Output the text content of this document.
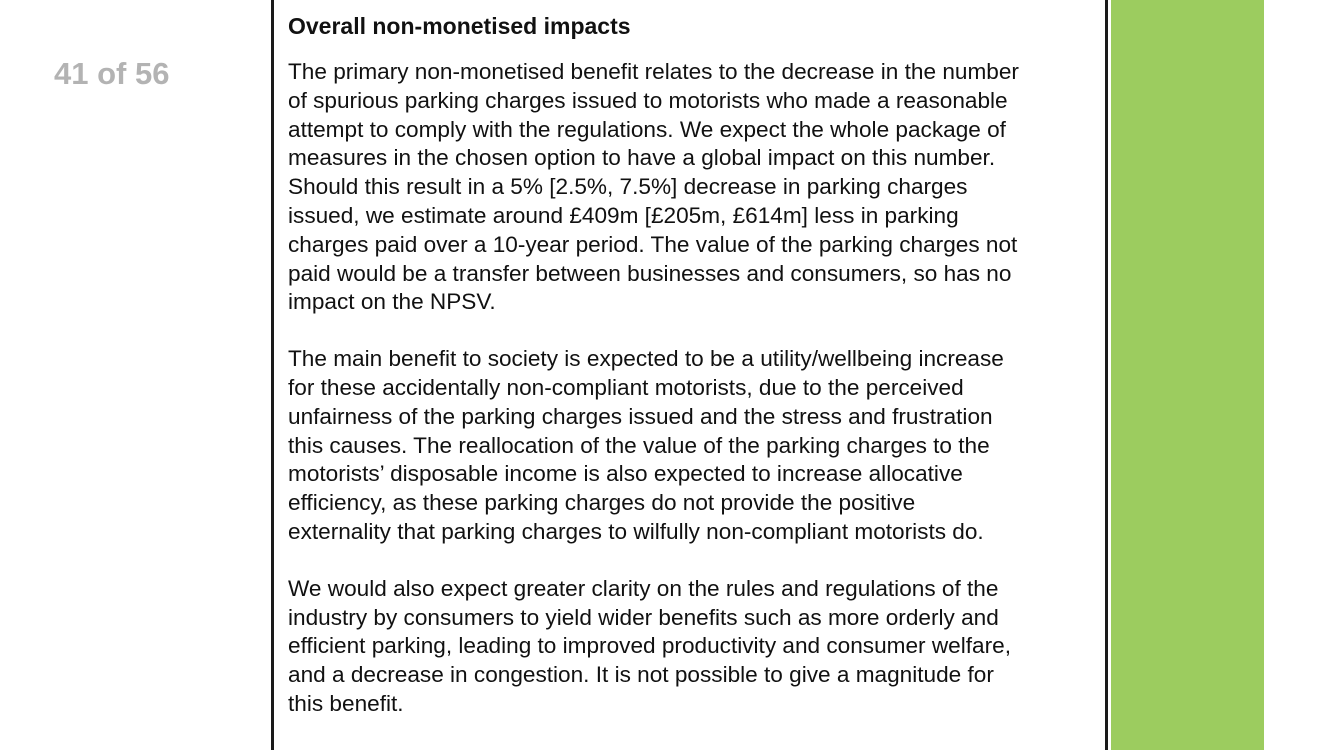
41 of 56
Overall non-monetised impacts
The primary non-monetised benefit relates to the decrease in the number
of spurious parking charges issued to motorists who made a reasonable
attempt to comply with the regulations. We expect the whole package of
measures in the chosen option to have a global impact on this number.
Should this result in a 5% [2.5%, 7.5%] decrease in parking charges
issued, we estimate around £409m [£205m, £614m] less in parking
charges paid over a 10-year period. The value of the parking charges not
paid would be a transfer between businesses and consumers, so has no
impact on the NPSV.
The main benefit to society is expected to be a utility/wellbeing increase
for these accidentally non-compliant motorists, due to the perceived
unfairness of the parking charges issued and the stress and frustration
this causes. The reallocation of the value of the parking charges to the
motorists’ disposable income is also expected to increase allocative
efficiency, as these parking charges do not provide the positive
externality that parking charges to wilfully non-compliant motorists do.
We would also expect greater clarity on the rules and regulations of the
industry by consumers to yield wider benefits such as more orderly and
efficient parking, leading to improved productivity and consumer welfare,
and a decrease in congestion. It is not possible to give a magnitude for
this benefit.
